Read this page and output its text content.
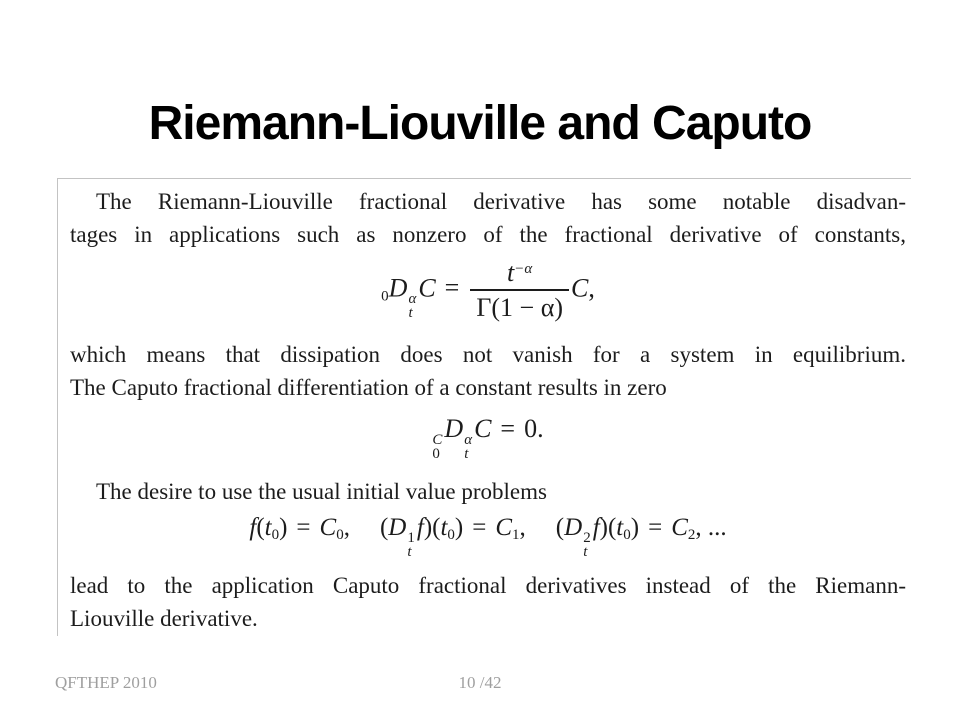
Riemann-Liouville and Caputo

The Riemann-Liouville fractional derivative has some notable disadvan-

tages in applications such as nonzero of the fractional derivative of constants,

$_0$D α
t
$C = \frac{t^{-\alpha}}{\Gamma(1 - \alpha)} C$,

which means that dissipation does not vanish for a system in equilibrium.

The Caputo fractional differentiation of a constant results in zero

C
0
D α
t
C = 0.

The desire to use the usual initial value problems

$f(t_0) = C_0$, (D 1
t
$f)(t_0) = C_1$, (D 2
t
$f)(t_0) = C_2$, ...

lead to the application Caputo fractional derivatives instead of the Riemann-

Liouville derivative.

QFTHEP 2010	10 /42
